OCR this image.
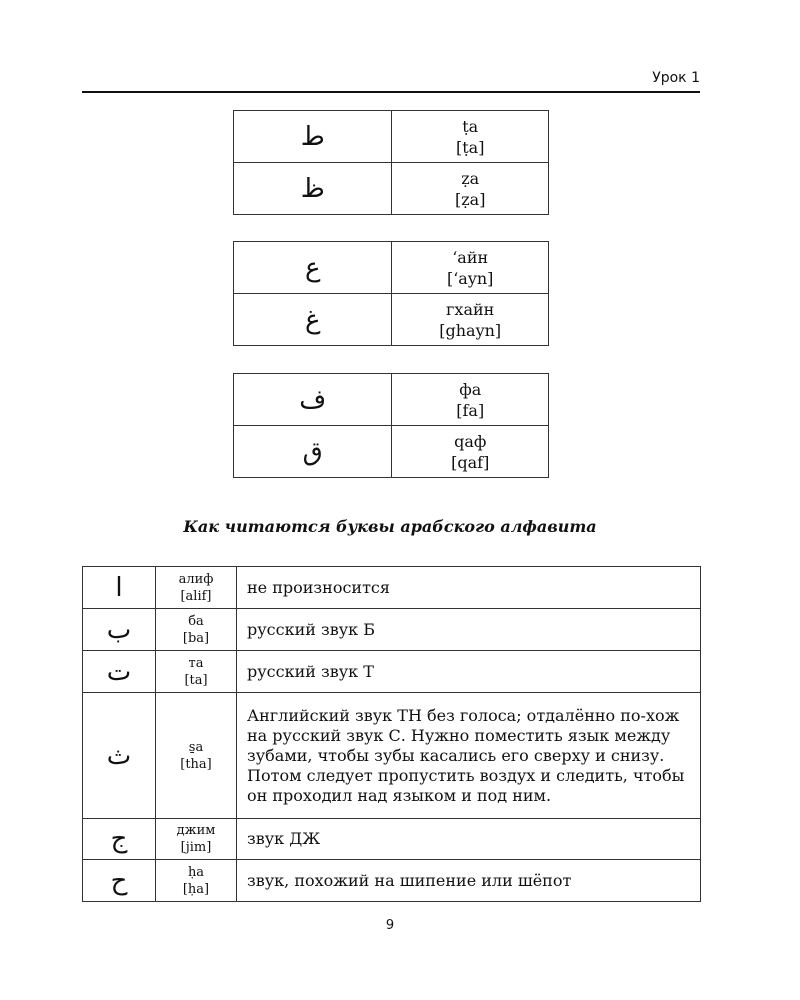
Урок 1
ط	ṭa
[ṭa]

ظ	ẓa
[ẓa]
ع	ʻайн
[ʻayn]

غ	гхайн
[ghayn]
ف	фа
[fa]

ق	qaф
[qaf]
Как читаются буквы арабского алфавита
ا	алиф
[alif]	не произносится
ب	ба
[ba]	русский звук Б
ت	та
[ta]	русский звук Т
ث	s̱a
[tha]	Английский звук TH без голоса; отдалённо по-хож на русский звук С. Нужно поместить язык между зубами, чтобы зубы касались его сверху и снизу. Потом следует пропустить воздух и следить, чтобы он проходил над языком и под ним.
ج	джим
[jim]	звук ДЖ
ح	ḥa
[ḥa]	звук, похожий на шипение или шёпот
9
